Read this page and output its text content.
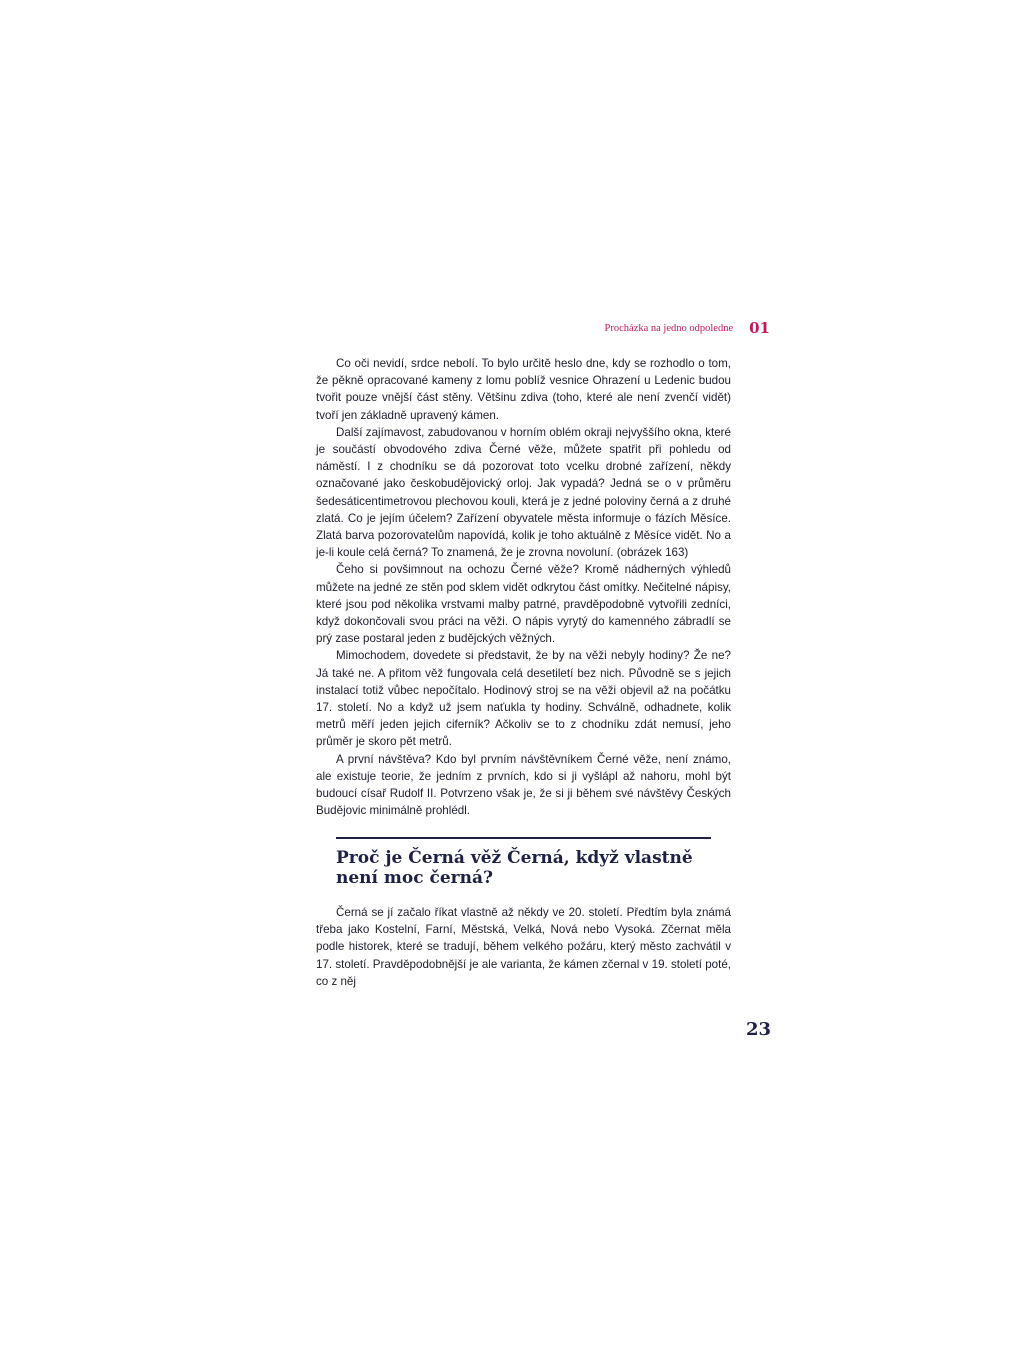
Procházka na jedno odpoledne 01

Co oči nevidí, srdce nebolí. To bylo určitě heslo dne, kdy se rozhodlo o tom, že pěkně opracované kameny z lomu poblíž vesnice Ohrazení u Ledenic budou tvořit pouze vnější část stěny. Většinu zdiva (toho, které ale není zvenčí vidět) tvoří jen základně upravený kámen.

Další zajímavost, zabudovanou v horním oblém okraji nejvyššího okna, které je součástí obvodového zdiva Černé věže, můžete spatřit při pohledu od náměstí. I z chodníku se dá pozorovat toto vcelku drobné zařízení, někdy označované jako českobudějovický orloj. Jak vypadá? Jedná se o v průměru šedesáticentimetrovou plechovou kouli, která je z jedné poloviny černá a z druhé zlatá. Co je jejím účelem? Zařízení obyvatele města informuje o fázích Měsíce. Zlatá barva pozorovatelům napovídá, kolik je toho aktuálně z Měsíce vidět. No a je-li koule celá černá? To znamená, že je zrovna novoluní. (obrázek 163)

Čeho si povšimnout na ochozu Černé věže? Kromě nádherných výhledů můžete na jedné ze stěn pod sklem vidět odkrytou část omítky. Nečitelné nápisy, které jsou pod několika vrstvami malby patrné, pravděpodobně vytvořili zedníci, když dokončovali svou práci na věži. O nápis vyrytý do kamenného zábradlí se prý zase postaral jeden z budějckých věžných.

Mimochodem, dovedete si představit, že by na věži nebyly hodiny? Že ne? Já také ne. A přitom věž fungovala celá desetiletí bez nich. Původně se s jejich instalací totiž vůbec nepočítalo. Hodinový stroj se na věži objevil až na počátku 17. století. No a když už jsem naťukla ty hodiny. Schválně, odhadnete, kolik metrů měří jeden jejich ciferník? Ačkoliv se to z chodníku zdát nemusí, jeho průměr je skoro pět metrů.

A první návštěva? Kdo byl prvním návštěvníkem Černé věže, není známo, ale existuje teorie, že jedním z prvních, kdo si ji vyšlápl až nahoru, mohl být budoucí císař Rudolf II. Potvrzeno však je, že si ji během své návštěvy Českých Budějovic minimálně prohlédl.

Proč je Černá věž Černá, když vlastně
není moc černá?

Černá se jí začalo říkat vlastně až někdy ve 20. století. Předtím byla známá třeba jako Kostelní, Farní, Městská, Velká, Nová nebo Vysoká. Zčernat měla podle historek, které se tradují, během velkého požáru, který město zachvátil v 17. století. Pravděpodobnější je ale varianta, že kámen zčernal v 19. století poté, co z něj

23
